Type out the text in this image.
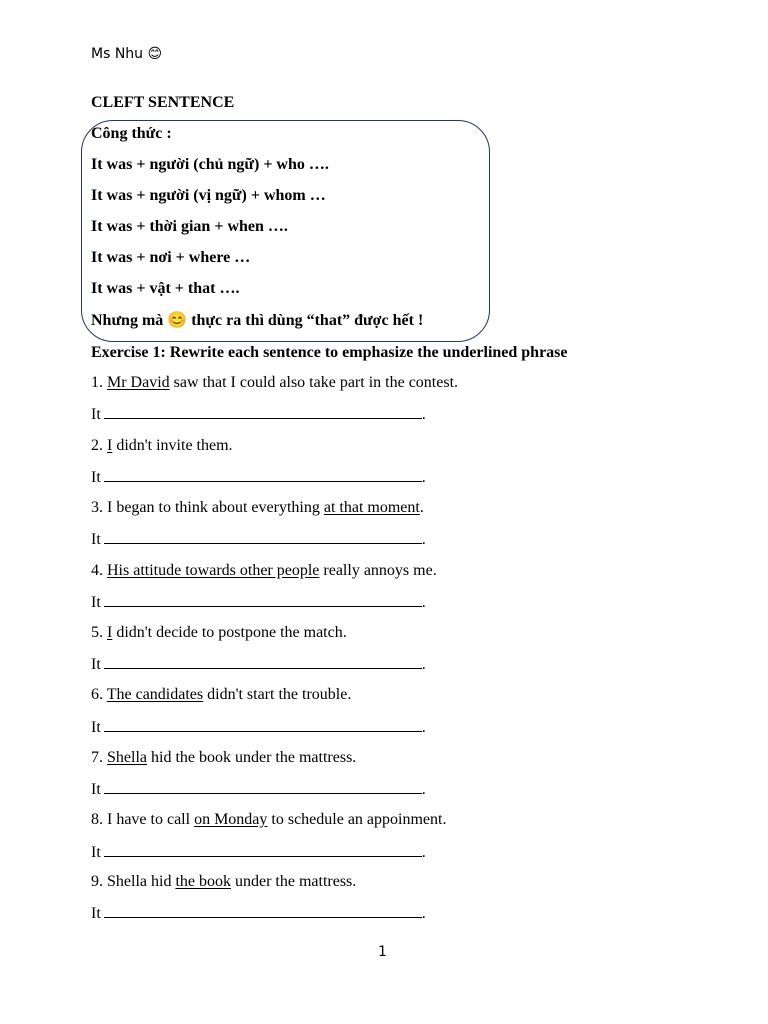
Ms Nhu 😊
CLEFT SENTENCE
Công thức :
It was + người (chủ ngữ) + who ….
It was + người (vị ngữ) + whom …
It was + thời gian + when ….
It was + nơi + where …
It was + vật + that ….
Nhưng mà 😊 thực ra thì dùng “that” được hết !
Exercise 1: Rewrite each sentence to emphasize the underlined phrase
1. Mr David saw that I could also take part in the contest.
It	.
2. I didn't invite them.
It	.
3. I began to think about everything at that moment.
It	.
4. His attitude towards other people really annoys me.
It	.
5. I didn't decide to postpone the match.
It	.
6. The candidates didn't start the trouble.
It	.
7. Shella hid the book under the mattress.
It	.
8. I have to call on Monday to schedule an appoinment.
It	.
9. Shella hid the book under the mattress.
It	.
1
